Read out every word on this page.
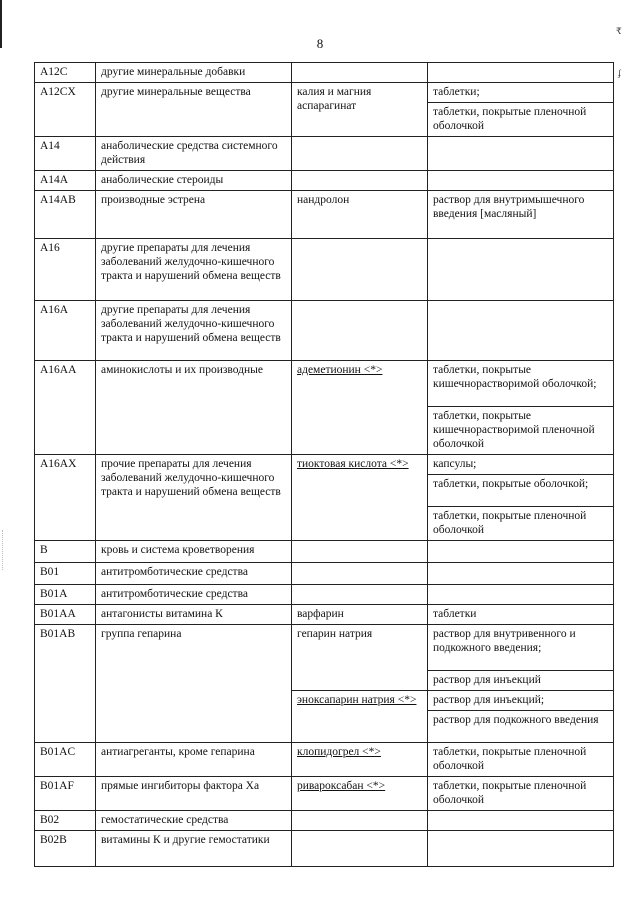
8
₹
ʄ
A12C	другие минеральные добавки		
A12CX	другие минеральные вещества	калия и магния аспарагинат	таблетки;
			таблетки, покрытые пленочной оболочкой
A14	анаболические средства системного действия		
A14A	анаболические стероиды		
A14AB	производные эстрена	нандролон	раствор для внутримышечного введения [масляный]
A16	другие препараты для лечения заболеваний желудочно-кишечного тракта и нарушений обмена веществ		
A16A	другие препараты для лечения заболеваний желудочно-кишечного тракта и нарушений обмена веществ		
A16AA	аминокислоты и их производные	адеметионин <*>	таблетки, покрытые кишечнорастворимой оболочкой;
			таблетки, покрытые кишечнорастворимой пленочной оболочкой
A16AX	прочие препараты для лечения заболеваний желудочно-кишечного тракта и нарушений обмена веществ	тиоктовая кислота <*>	капсулы;
			таблетки, покрытые оболочкой;
			таблетки, покрытые пленочной оболочкой
B	кровь и система кроветворения		
B01	антитромботические средства		
B01A	антитромботические средства		
B01AA	антагонисты витамина К	варфарин	таблетки
B01AB	группа гепарина	гепарин натрия	раствор для внутривенного и подкожного введения;
			раствор для инъекций
		эноксапарин натрия <*>	раствор для инъекций;
			раствор для подкожного введения
B01AC	антиагреганты, кроме гепарина	клопидогрел <*>	таблетки, покрытые пленочной оболочкой
B01AF	прямые ингибиторы фактора Xa	ривароксабан <*>	таблетки, покрытые пленочной оболочкой
B02	гемостатические средства		
B02B	витамины К и другие гемостатики		
